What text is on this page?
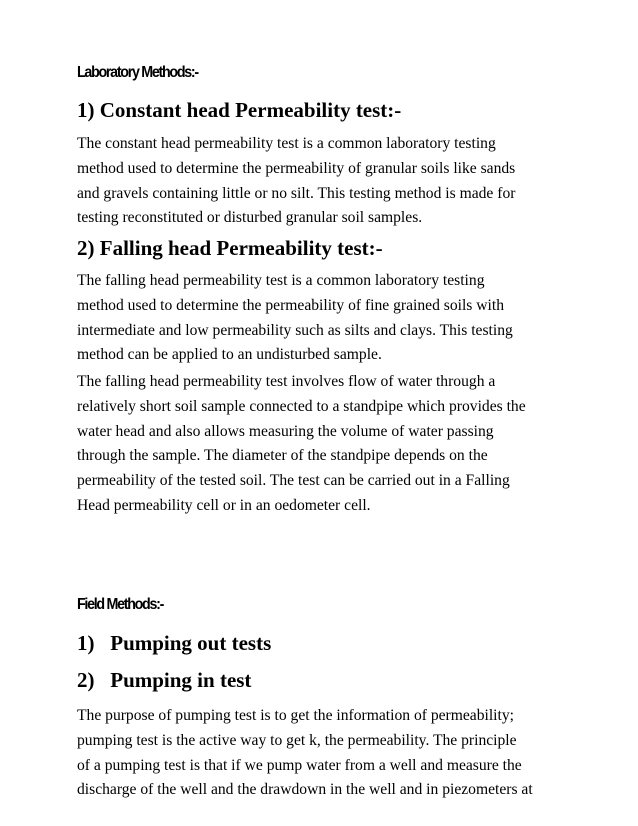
Laboratory Methods:-
1) Constant head Permeability test:-
The constant head permeability test is a common laboratory testing
method used to determine the permeability of granular soils like sands
and gravels containing little or no silt. This testing method is made for
testing reconstituted or disturbed granular soil samples.
2) Falling head Permeability test:-
The falling head permeability test is a common laboratory testing
method used to determine the permeability of fine grained soils with
intermediate and low permeability such as silts and clays. This testing
method can be applied to an undisturbed sample.
The falling head permeability test involves flow of water through a
relatively short soil sample connected to a standpipe which provides the
water head and also allows measuring the volume of water passing
through the sample. The diameter of the standpipe depends on the
permeability of the tested soil. The test can be carried out in a Falling
Head permeability cell or in an oedometer cell.
Field Methods:-
1)   Pumping out tests
2)   Pumping in test
The purpose of pumping test is to get the information of permeability;
pumping test is the active way to get k, the permeability. The principle
of a pumping test is that if we pump water from a well and measure the
discharge of the well and the drawdown in the well and in piezometers at
